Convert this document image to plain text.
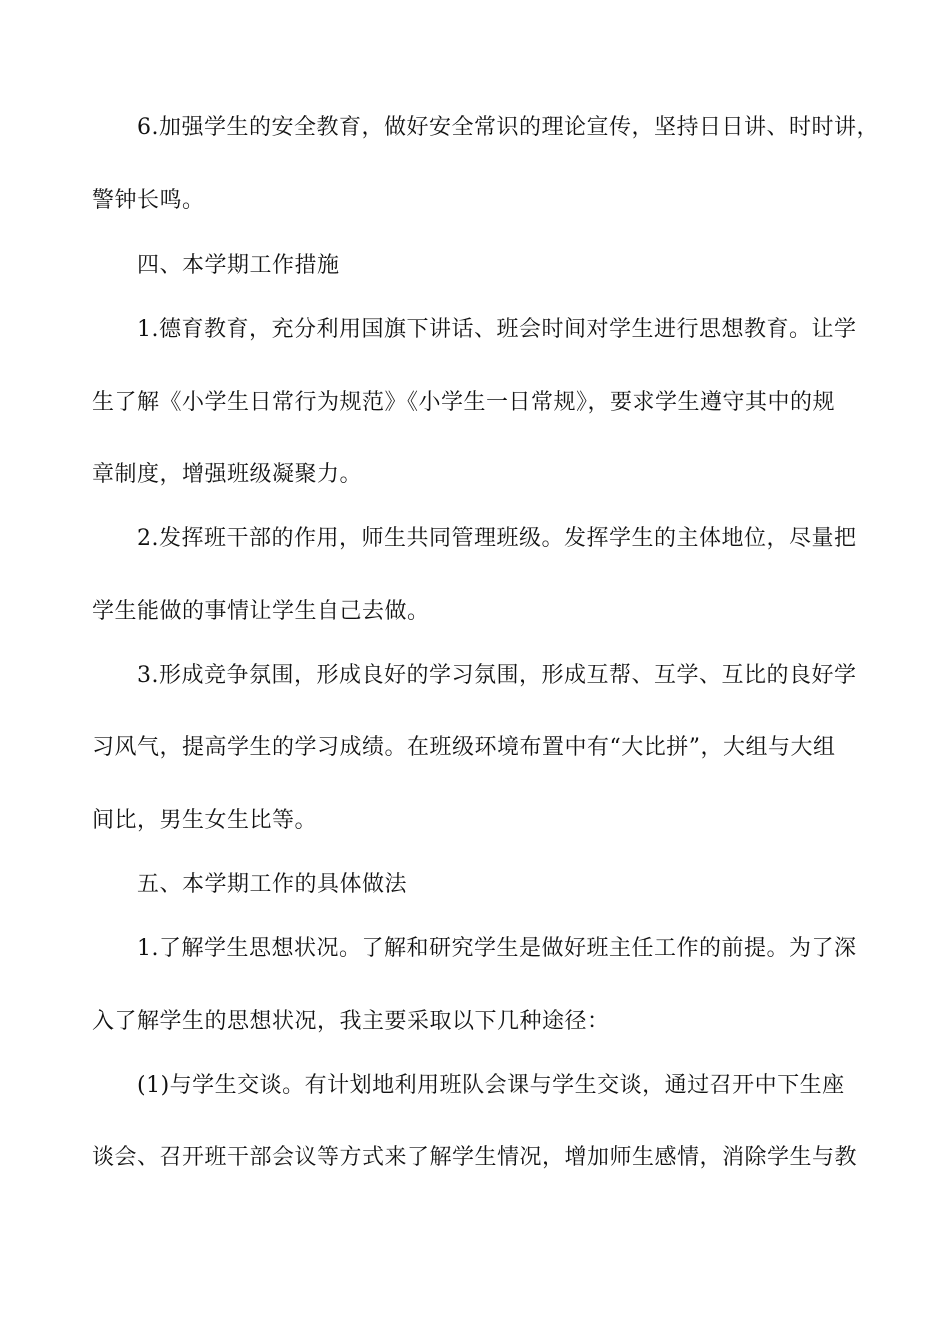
6.加强学生的安全教育，做好安全常识的理论宣传，坚持日日讲、时时讲，
警钟长鸣。
四、本学期工作措施
1.德育教育，充分利用国旗下讲话、班会时间对学生进行思想教育。让学
生了解《小学生日常行为规范》《小学生一日常规》，要求学生遵守其中的规
章制度，增强班级凝聚力。
2.发挥班干部的作用，师生共同管理班级。发挥学生的主体地位，尽量把
学生能做的事情让学生自己去做。
3.形成竞争氛围，形成良好的学习氛围，形成互帮、互学、互比的良好学
习风气，提高学生的学习成绩。在班级环境布置中有“大比拼”，大组与大组
间比，男生女生比等。
五、本学期工作的具体做法
1.了解学生思想状况。了解和研究学生是做好班主任工作的前提。为了深
入了解学生的思想状况，我主要采取以下几种途径：
(1)与学生交谈。有计划地利用班队会课与学生交谈，通过召开中下生座
谈会、召开班干部会议等方式来了解学生情况，增加师生感情，消除学生与教
